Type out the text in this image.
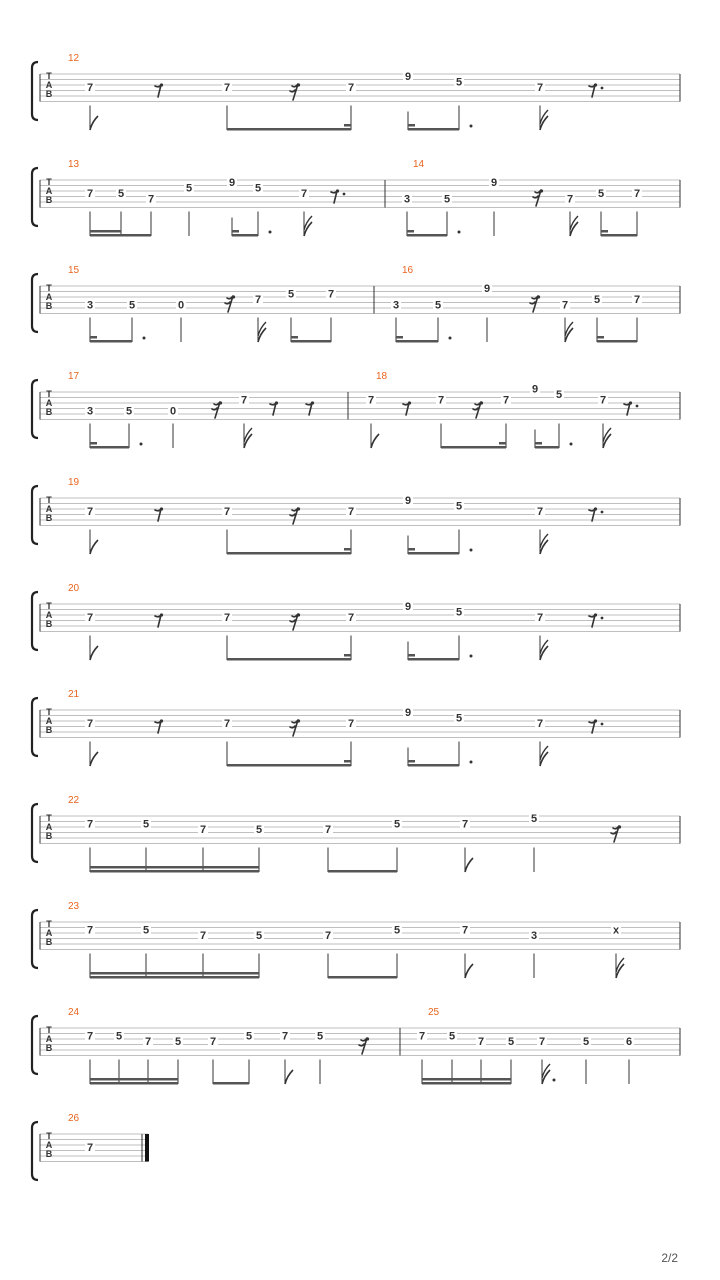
T
A
B
12
7	7	7
9	5	7
T
A
B
13
7 5 7
5	9 5	7
14
3	5
9
7 5	7
T
A
B
15
3	5	0	7 5	7
16
3	5
9
7 5	7
T
A
B
17
3	5	0
7
18
7	7	7
9 5	7
T
A
B
19
7	7	7
9	5	7
T
A
B
20
7	7	7
9	5	7
T
A
B
21
7	7	7
9	5	7
T
A
B
22
7	5	7	5	7	5	7	5
T
A
B
23
7	5	7	5	7	5	7	3	x
T
A
B
24
7 5 7 5	7	5	7	5
25
7 5 7 5 7	5	6
T
A
B
26
7
2/2
